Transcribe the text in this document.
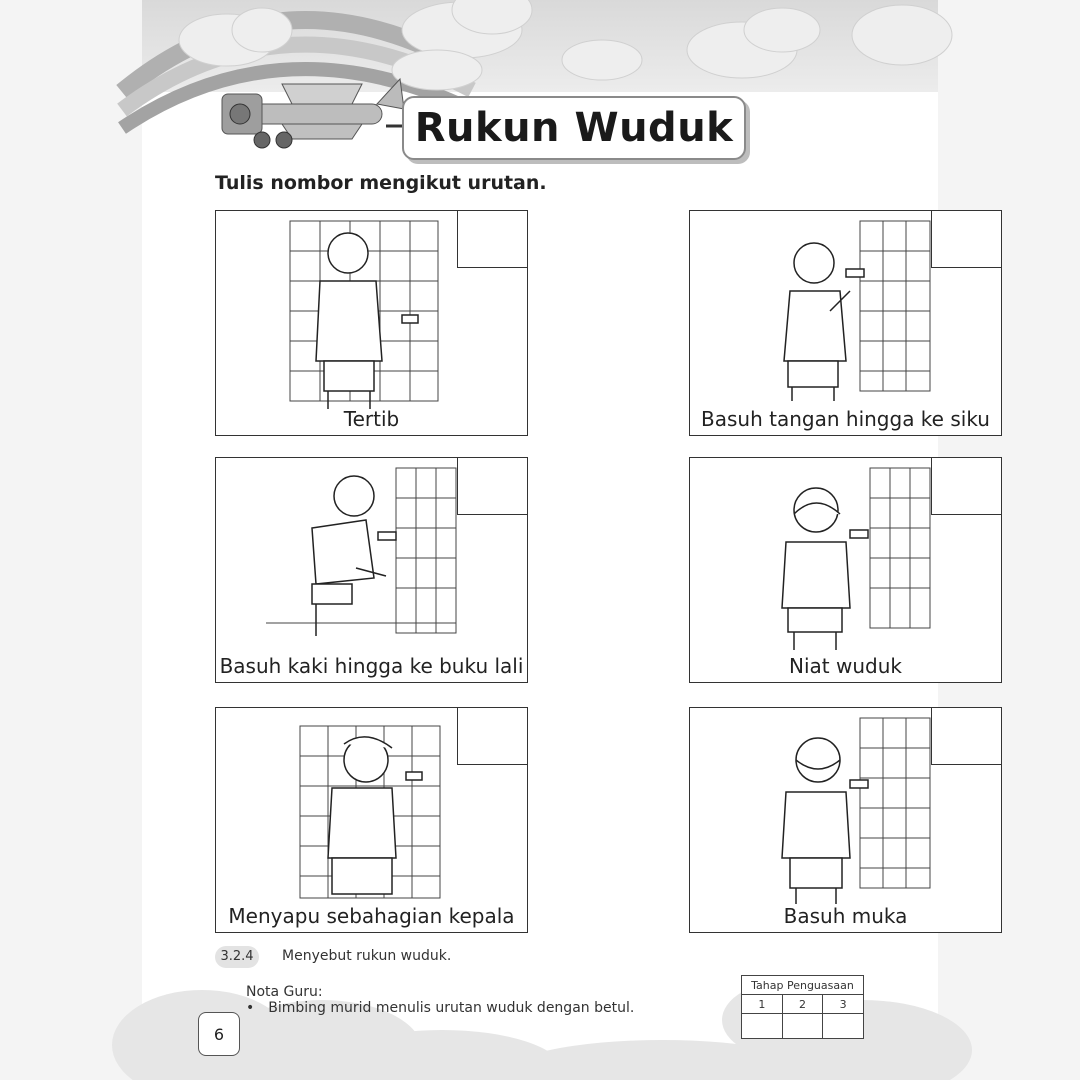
Rukun Wuduk
Tulis nombor mengikut urutan.
Tertib	Basuh tangan hingga ke siku
Basuh kaki hingga ke buku lali	Niat wuduk
Menyapu sebahagian kepala	Basuh muka
3.2.4	Menyebut rukun wuduk.
Nota Guru:
• Bimbing murid menulis urutan wuduk dengan betul.
6
Tahap Penguasaan		
1	2	3
